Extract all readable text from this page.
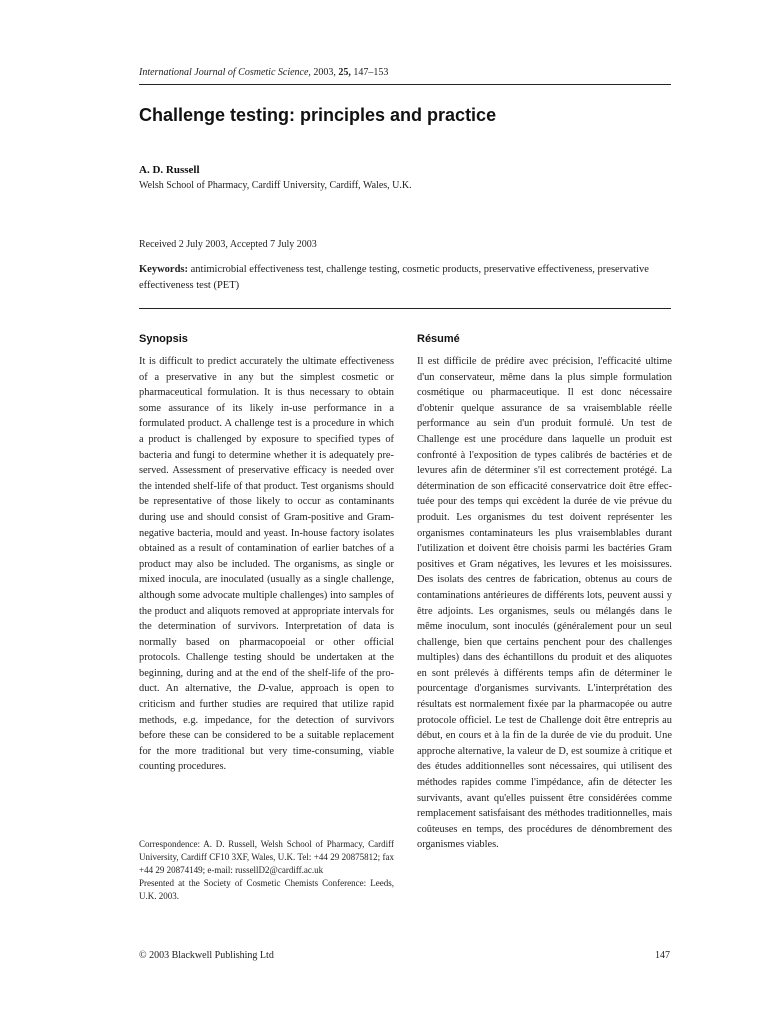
International Journal of Cosmetic Science, 2003, 25, 147–153
Challenge testing: principles and practice
A. D. Russell
Welsh School of Pharmacy, Cardiff University, Cardiff, Wales, U.K.
Received 2 July 2003, Accepted 7 July 2003
Keywords: antimicrobial effectiveness test, challenge testing, cosmetic products, preservative effectiveness, preservative effectiveness test (PET)
Synopsis	Résumé

It is difficult to predict accurately the ultimate effectiveness of a preservative in any but the simplest cosmetic or pharmaceutical formulation. It is thus necessary to obtain some assurance of its likely in-use performance in a formulated product. A challenge test is a procedure in which a product is challenged by exposure to specified types of bacteria and fungi to determine whether it is adequately preserved. Assessment of preservative efficacy is needed over the intended shelf-life of that product. Test organisms should be representative of those likely to occur as contaminants during use and should consist of Gram-positive and Gram-negative bacteria, mould and yeast. In-house factory isolates obtained as a result of contamination of earlier batches of a product may also be included. The organisms, as single or mixed inocula, are inoculated (usually as a single challenge, although some advocate multiple challenges) into samples of the product and aliquots removed at appropriate intervals for the determination of survivors. Interpretation of data is normally based on pharmacopoeial or other official protocols. Challenge testing should be undertaken at the beginning, during and at the end of the shelf-life of the product. An alternative, the D-value, approach is open to criticism and further studies are required that utilize rapid methods, e.g. impedance, for the detection of survivors before these can be considered to be a suitable replacement for the more traditional but very time-consuming, viable counting procedures.

Il est difficile de prédire avec précision, l'efficacité ultime d'un conservateur, même dans la plus simple formulation cosmétique ou pharmaceutique. Il est donc nécessaire d'obtenir quelque assurance de sa vraisemblable réelle performance au sein d'un produit formulé. Un test de Challenge est une procédure dans laquelle un produit est confronté à l'exposition de types calibrés de bactéries et de levures afin de déterminer s'il est correctement protégé. La détermination de son efficacité conservatrice doit être effectuée pour des temps qui excèdent la durée de vie prévue du produit. Les organismes du test doivent représenter les organismes contaminateurs les plus vraisemblables durant l'utilization et doivent être choisis parmi les bactéries Gram positives et Gram négatives, les levures et les moisissures. Des isolats des centres de fabrication, obtenus au cours de contaminations antérieures de différents lots, peuvent aussi y être adjoints. Les organismes, seuls ou mélangés dans le même inoculum, sont inoculés (généralement pour un seul challenge, bien que certains penchent pour des challenges multiples) dans des échantillons du produit et des aliquotes en sont prélevés à différents temps afin de déterminer le pourcentage d'organismes survivants. L'interprétation des résultats est normalement fixée par la pharmacopée ou autre protocole officiel. Le test de Challenge doit être entrepris au début, en cours et à la fin de la durée de vie du produit. Une approche alternative, la valeur de D, est soumize à critique et des études additionnelles sont nécessaires, qui utilisent des méthodes rapides comme l'impédance, afin de détecter les survivants, avant qu'elles puissent être considérées comme remplacement satisfaisant des méthodes traditionnelles, mais coûteuses en temps, des procédures de dénombrement des organismes viables.

Correspondence: A. D. Russell, Welsh School of Pharmacy, Cardiff University, Cardiff CF10 3XF, Wales, U.K. Tel: +44 29 20875812; fax +44 29 20874149; e-mail: russellD2@cardiff.ac.uk

Presented at the Society of Cosmetic Chemists Conference: Leeds, U.K. 2003.

© 2003 Blackwell Publishing Ltd	147
